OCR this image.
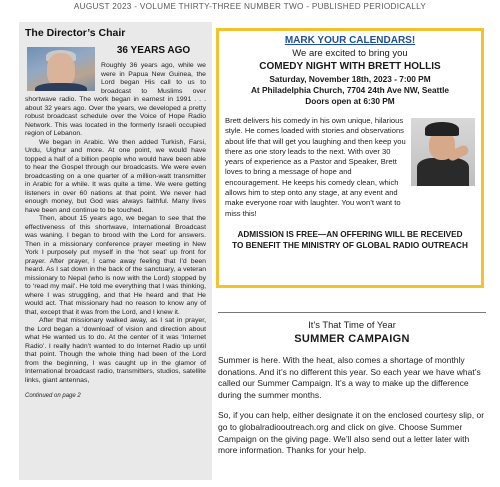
AUGUST 2023 - VOLUME THIRTY-THREE NUMBER TWO - PUBLISHED PERIODICALLY
The Director’s Chair
36 YEARS AGO

Roughly 36 years ago, while we were in Papua New Guinea, the Lord began His call to us to broadcast to Muslims over shortwave radio. The work began in earnest in 1991 . . . about 32 years ago. Over the years, we developed a pretty robust broadcast schedule over the Voice of Hope Radio Network. This was located in the formerly Israeli occupied region of Lebanon.

We began in Arabic. We then added Turkish, Farsi, Urdu, Uighur and more. At one point, we would have topped a half of a billion people who would have been able to hear the Gospel through our broadcasts. We were even broadcasting on a one quarter of a million-watt transmitter in Arabic for a while. It was quite a time. We were getting listeners in over 60 nations at that point. We never had enough money, but God was always faithful. Many lives have been and continue to be touched.

Then, about 15 years ago, we began to see that the effectiveness of this shortwave, International Broadcast was waning. I began to brood with the Lord for answers. Then in a missionary conference prayer meeting in New York I purposely put myself in the ‘hot seat’ up front for prayer. After prayer, I came away feeling that I’d been heard. As I sat down in the back of the sanctuary, a veteran missionary to Nepal (who is now with the Lord) stopped by to ‘read my mail’. He told me everything that I was thinking, where I was struggling, and that He heard and that He would act. That missionary had no reason to know any of that, except that it was from the Lord, and I knew it.

After that missionary walked away, as I sat in prayer, the Lord began a ‘download’ of vision and direction about what He wanted us to do. At the center of it was ‘Internet Radio’. I really hadn’t wanted to do Internet Radio up until that point. Though the whole thing had been of the Lord from the beginning, I was caught up in the glamor of International broadcast radio, transmitters, studios, satellite links, giant antennas,

Continued on page 2
MARK YOUR CALENDARS!
We are excited to bring you
COMEDY NIGHT WITH BRETT HOLLIS
Saturday, November 18th, 2023 - 7:00 PM
At Philadelphia Church, 7704 24th Ave NW, Seattle
Doors open at 6:30 PM
Brett delivers his comedy in his own unique, hilarious style. He comes loaded with stories and observations about life that will get you laughing and then keep you there as one story leads to the next. With over 30 years of experience as a Pastor and Speaker, Brett loves to bring a message of hope and encouragement. He keeps his comedy clean, which allows him to step onto any stage, at any event and make everyone roar with laughter. You won’t want to miss this!
ADMISSION IS FREE—AN OFFERING WILL BE RECEIVED
TO BENEFIT THE MINISTRY OF GLOBAL RADIO OUTREACH
It’s That Time of Year
SUMMER CAMPAIGN

Summer is here. With the heat, also comes a shortage of monthly donations. And it’s no different this year. So each year we have what’s called our Summer Campaign. It’s a way to make up the difference during the summer months.

So, if you can help, either designate it on the enclosed courtesy slip, or go to globalradiooutreach.org and click on give. Choose Summer Campaign on the giving page. We’ll also send out a letter later with more information. Thanks for your help.
